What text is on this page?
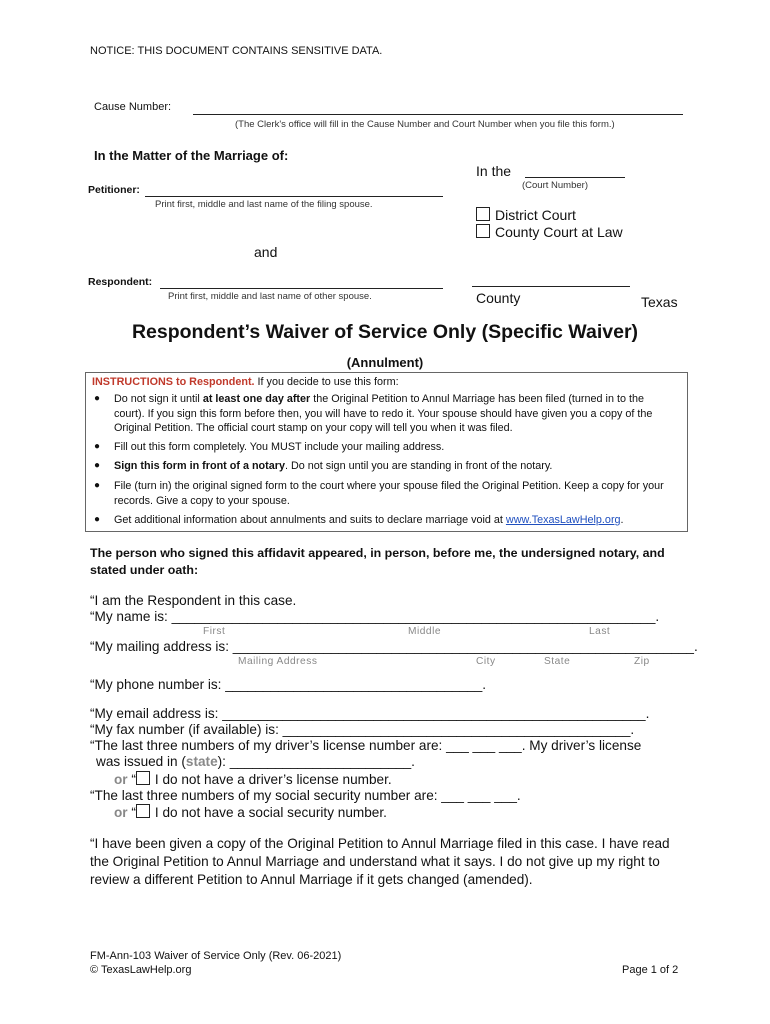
NOTICE: THIS DOCUMENT CONTAINS SENSITIVE DATA.
Cause Number:
(The Clerk's office will fill in the Cause Number and Court Number when you file this form.)
In the Matter of the Marriage of:
In the
(Court Number)
District Court
County Court at Law
County	Texas
Petitioner:
Print first, middle and last name of the filing spouse.
and
Respondent:
Print first, middle and last name of other spouse.
Respondent’s Waiver of Service Only (Specific Waiver)
(Annulment)
INSTRUCTIONS to Respondent. If you decide to use this form:
● Do not sign it until at least one day after the Original Petition to Annul Marriage has been filed (turned in to the court). If you sign this form before then, you will have to redo it. Your spouse should have given you a copy of the Original Petition. The official court stamp on your copy will tell you when it was filed.
● Fill out this form completely. You MUST include your mailing address.
● Sign this form in front of a notary. Do not sign until you are standing in front of the notary.
● File (turn in) the original signed form to the court where your spouse filed the Original Petition. Keep a copy for your records. Give a copy to your spouse.
● Get additional information about annulments and suits to declare marriage void at www.TexasLawHelp.org.
The person who signed this affidavit appeared, in person, before me, the undersigned notary, and stated under oath:
“I am the Respondent in this case.
“My name is: ________________________________________________________________.
First	Middle	Last
“My mailing address is: _____________________________________________________________.
Mailing Address	City	State	Zip
“My phone number is: __________________________________.
“My email address is: ________________________________________________________.
“My fax number (if available) is: ______________________________________________.
“The last three numbers of my driver’s license number are: ___ ___ ___. My driver’s license
was issued in (state): ________________________.
or “ I do not have a driver’s license number.
“The last three numbers of my social security number are: ___ ___ ___.
or “ I do not have a social security number.
“I have been given a copy of the Original Petition to Annul Marriage filed in this case. I have read the Original Petition to Annul Marriage and understand what it says. I do not give up my right to review a different Petition to Annul Marriage if it gets changed (amended).
FM-Ann-103 Waiver of Service Only (Rev. 06-2021)
© TexasLawHelp.org	Page 1 of 2
